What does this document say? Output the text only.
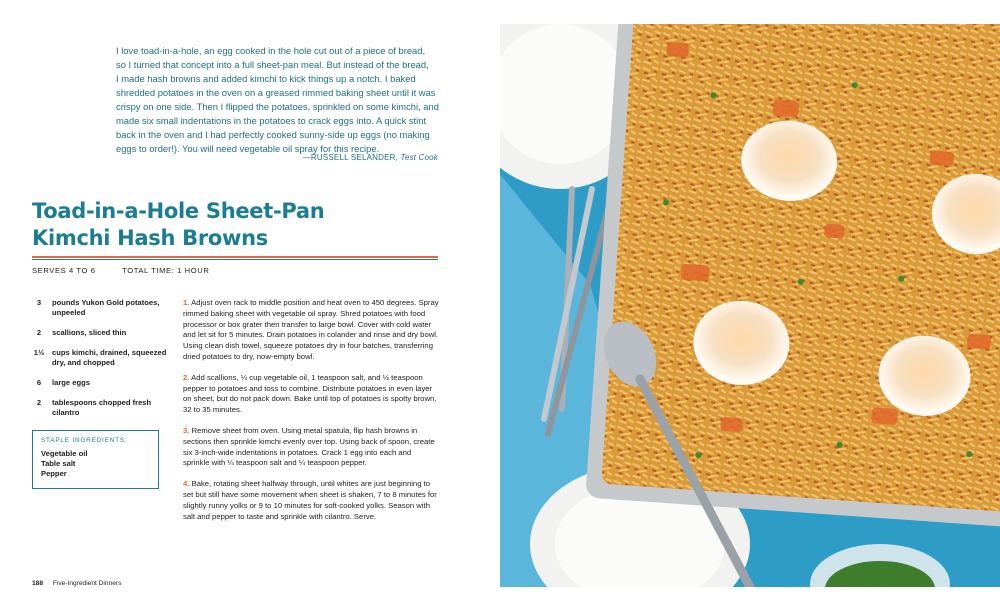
I love toad-in-a-hole, an egg cooked in the hole cut out of a piece of bread,

so I turned that concept into a full sheet-pan meal. But instead of the bread,

I made hash browns and added kimchi to kick things up a notch. I baked

shredded potatoes in the oven on a greased rimmed baking sheet until it was

crispy on one side. Then I flipped the potatoes, sprinkled on some kimchi, and

made six small indentations in the potatoes to crack eggs into. A quick stint

back in the oven and I had perfectly cooked sunny-side up eggs (no making

eggs to order!). You will need vegetable oil spray for this recipe.

—RUSSELL SELANDER, Test Cook
Toad-in-a-Hole Sheet-Pan
Kimchi Hash Browns
SERVES 4 TO 6	TOTAL TIME: 1 HOUR
3	pounds Yukon Gold potatoes, unpeeled
2	scallions, sliced thin
1½	cups kimchi, drained, squeezed dry, and chopped
6	large eggs
2	tablespoons chopped fresh cilantro
STAPLE INGREDIENTS:
Vegetable oil
Table salt
Pepper

1. Adjust oven rack to middle position and heat oven to 450 degrees. Spray rimmed baking sheet with vegetable oil spray. Shred potatoes with food processor or box grater then transfer to large bowl. Cover with cold water and let sit for 5 minutes. Drain potatoes in colander and rinse and dry bowl. Using clean dish towel, squeeze potatoes dry in four batches, transferring dried potatoes to dry, now-empty bowl.

2. Add scallions, ¼ cup vegetable oil, 1 teaspoon salt, and ½ teaspoon pepper to potatoes and toss to combine. Distribute potatoes in even layer on sheet, but do not pack down. Bake until top of potatoes is spotty brown, 32 to 35 minutes.

3. Remove sheet from oven. Using metal spatula, flip hash browns in sections then sprinkle kimchi evenly over top. Using back of spoon, create six 3-inch-wide indentations in potatoes. Crack 1 egg into each and sprinkle with ¼ teaspoon salt and ¼ teaspoon pepper.

4. Bake, rotating sheet halfway through, until whites are just beginning to set but still have some movement when sheet is shaken, 7 to 8 minutes for slightly runny yolks or 9 to 10 minutes for soft-cooked yolks. Season with salt and pepper to taste and sprinkle with cilantro. Serve.

188 Five-Ingredient Dinners
